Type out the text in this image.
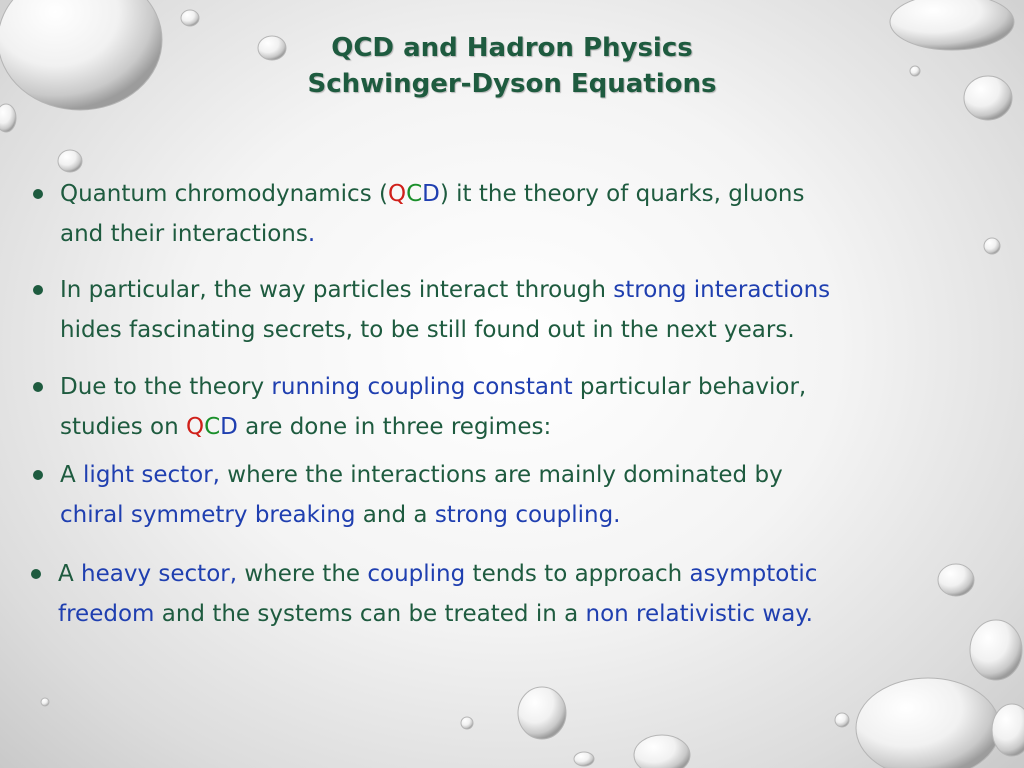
QCD and Hadron Physics
Schwinger-Dyson Equations
Quantum chromodynamics (QCD) it the theory of quarks, gluons
and their interactions.
In particular, the way particles interact through strong interactions
hides fascinating secrets, to be still found out in the next years.
Due to the theory running coupling constant particular behavior,
studies on QCD are done in three regimes:
A light sector, where the interactions are mainly dominated by
chiral symmetry breaking and a strong coupling.
A heavy sector, where the coupling tends to approach asymptotic
freedom and the systems can be treated in a non relativistic way.
